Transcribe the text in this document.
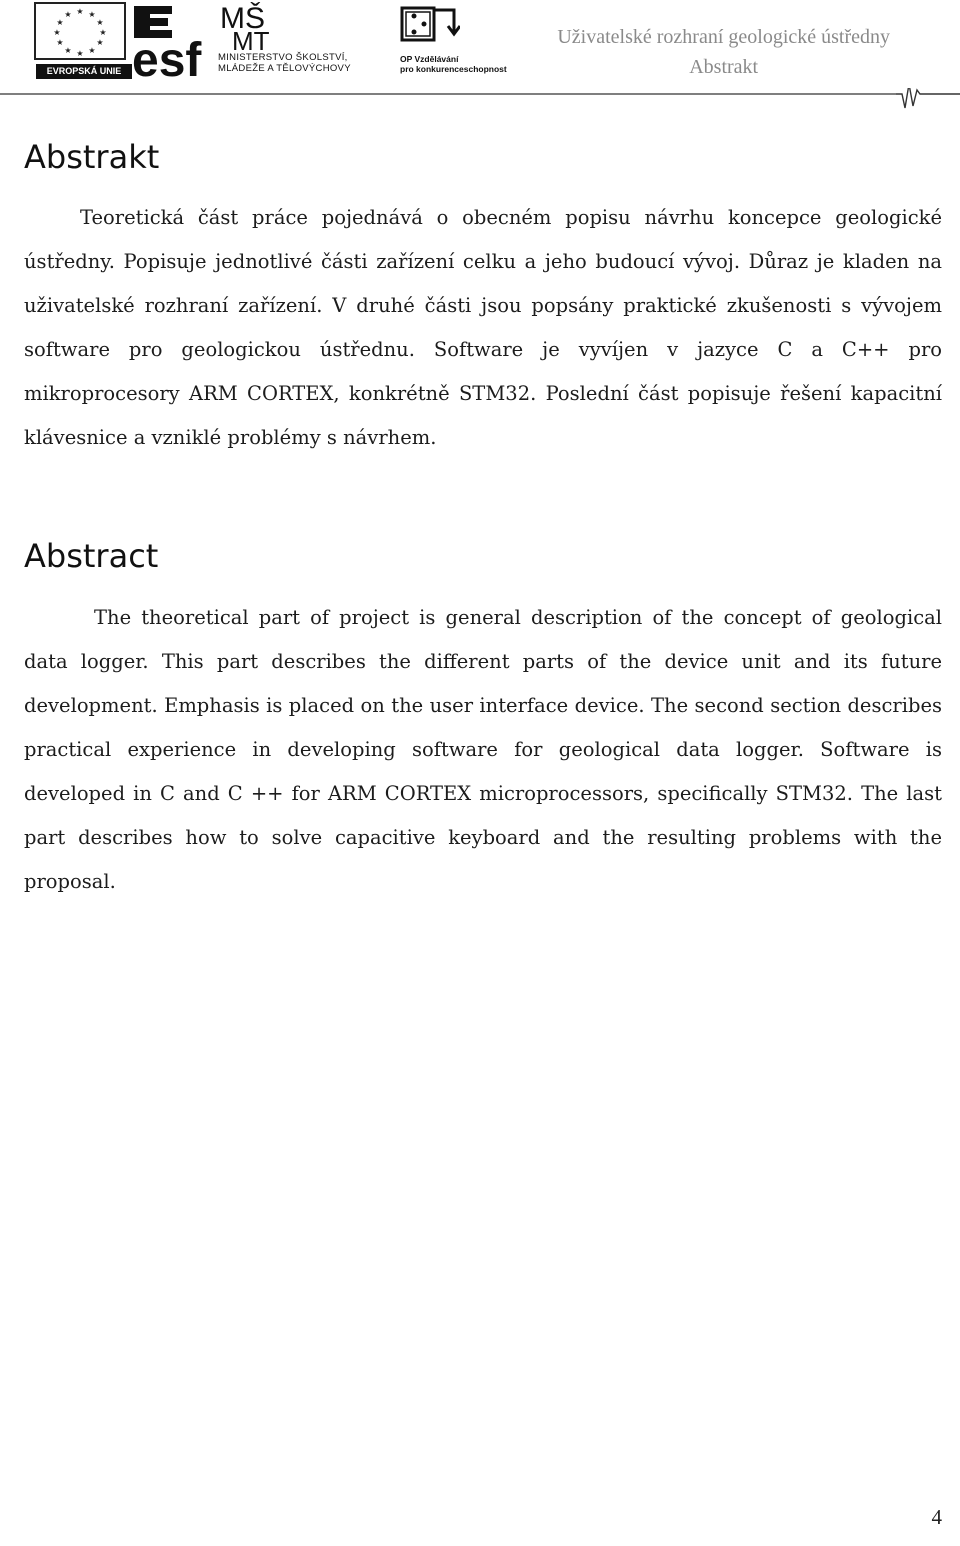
★ ★
★
★
★
★
★
★
★
★
★
★
EVROPSKÁ UNIE esf
MŠ
MT
MINISTERSTVO ŠKOLSTVÍ,
MLÁDEŽE A TĚLOVÝCHOVY
OP Vzdělávání
pro konkurenceschopnost
Uživatelské rozhraní geologické ústředny
Abstrakt
Abstrakt

Teoretická část práce pojednává o obecném popisu návrhu koncepce geologické ústředny. Popisuje jednotlivé části zařízení celku a jeho budoucí vývoj. Důraz je kladen na uživatelské rozhraní zařízení. V druhé části jsou popsány praktické zkušenosti s vývojem software pro geologickou ústřednu. Software je vyvíjen v jazyce C a C++ pro mikroprocesory ARM CORTEX, konkrétně STM32. Poslední část popisuje řešení kapacitní klávesnice a vzniklé problémy s návrhem.

Abstract

The theoretical part of project is general description of the concept of geological data logger. This part describes the different parts of the device unit and its future development. Emphasis is placed on the user interface device. The second section describes practical experience in developing software for geological data logger. Software is developed in C and C ++ for ARM CORTEX microprocessors, specifically STM32. The last part describes how to solve capacitive keyboard and the resulting problems with the proposal.

4
